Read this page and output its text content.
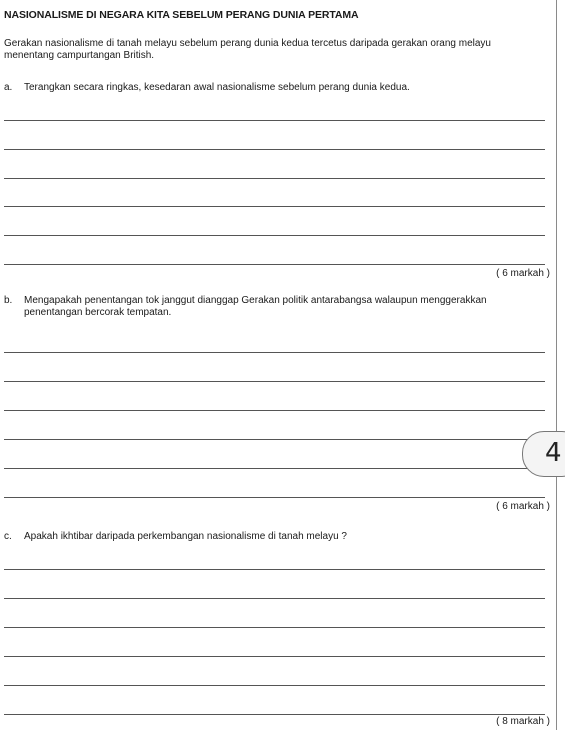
NASIONALISME DI NEGARA KITA SEBELUM PERANG DUNIA PERTAMA

Gerakan nasionalisme di tanah melayu sebelum perang dunia kedua tercetus daripada gerakan orang melayu menentang campurtangan British.

a.	Terangkan secara ringkas, kesedaran awal nasionalisme sebelum perang dunia kedua.
( 6 markah )
b.	Mengapakah penentangan tok janggut dianggap Gerakan politik antarabangsa walaupun menggerakkan penentangan bercorak tempatan.
( 6 markah )
c.	Apakah ikhtibar daripada perkembangan nasionalisme di tanah melayu ?
( 8 markah )
4
